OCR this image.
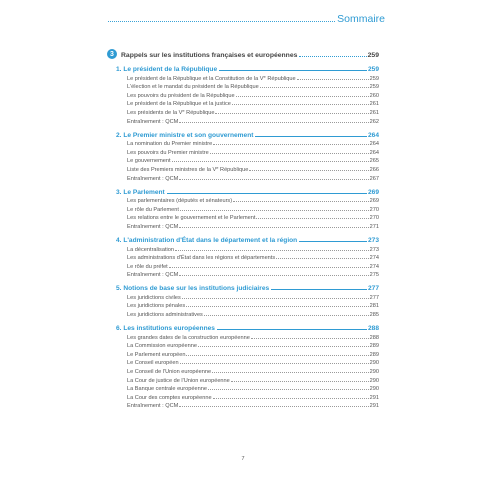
Sommaire
3	Rappels sur les institutions françaises et européennes	259
1. Le président de la République	259
Le président de la République et la Constitution de la Ve République	259
L'élection et le mandat du président de la République	259
Les pouvoirs du président de la République	260
Le président de la République et la justice	261
Les présidents de la Ve République	261
Entraînement : QCM	262
2. Le Premier ministre et son gouvernement	264
La nomination du Premier ministre	264
Les pouvoirs du Premier ministre	264
Le gouvernement	265
Liste des Premiers ministres de la Ve République	266
Entraînement : QCM	267
3. Le Parlement	269
Les parlementaires (députés et sénateurs)	269
Le rôle du Parlement	270
Les relations entre le gouvernement et le Parlement	270
Entraînement : QCM	271
4. L'administration d'État dans le département et la région	273
La décentralisation	273
Les administrations d'État dans les régions et départements	274
Le rôle du préfet	274
Entraînement : QCM	275
5. Notions de base sur les institutions judiciaires	277
Les juridictions civiles	277
Les juridictions pénales	281
Les juridictions administratives	285
6. Les institutions européennes	288
Les grandes dates de la construction européenne	288
La Commission européenne	289
Le Parlement européen	289
Le Conseil européen	290
Le Conseil de l'Union européenne	290
La Cour de justice de l'Union européenne	290
La Banque centrale européenne	290
La Cour des comptes européenne	291
Entraînement : QCM	291
7
